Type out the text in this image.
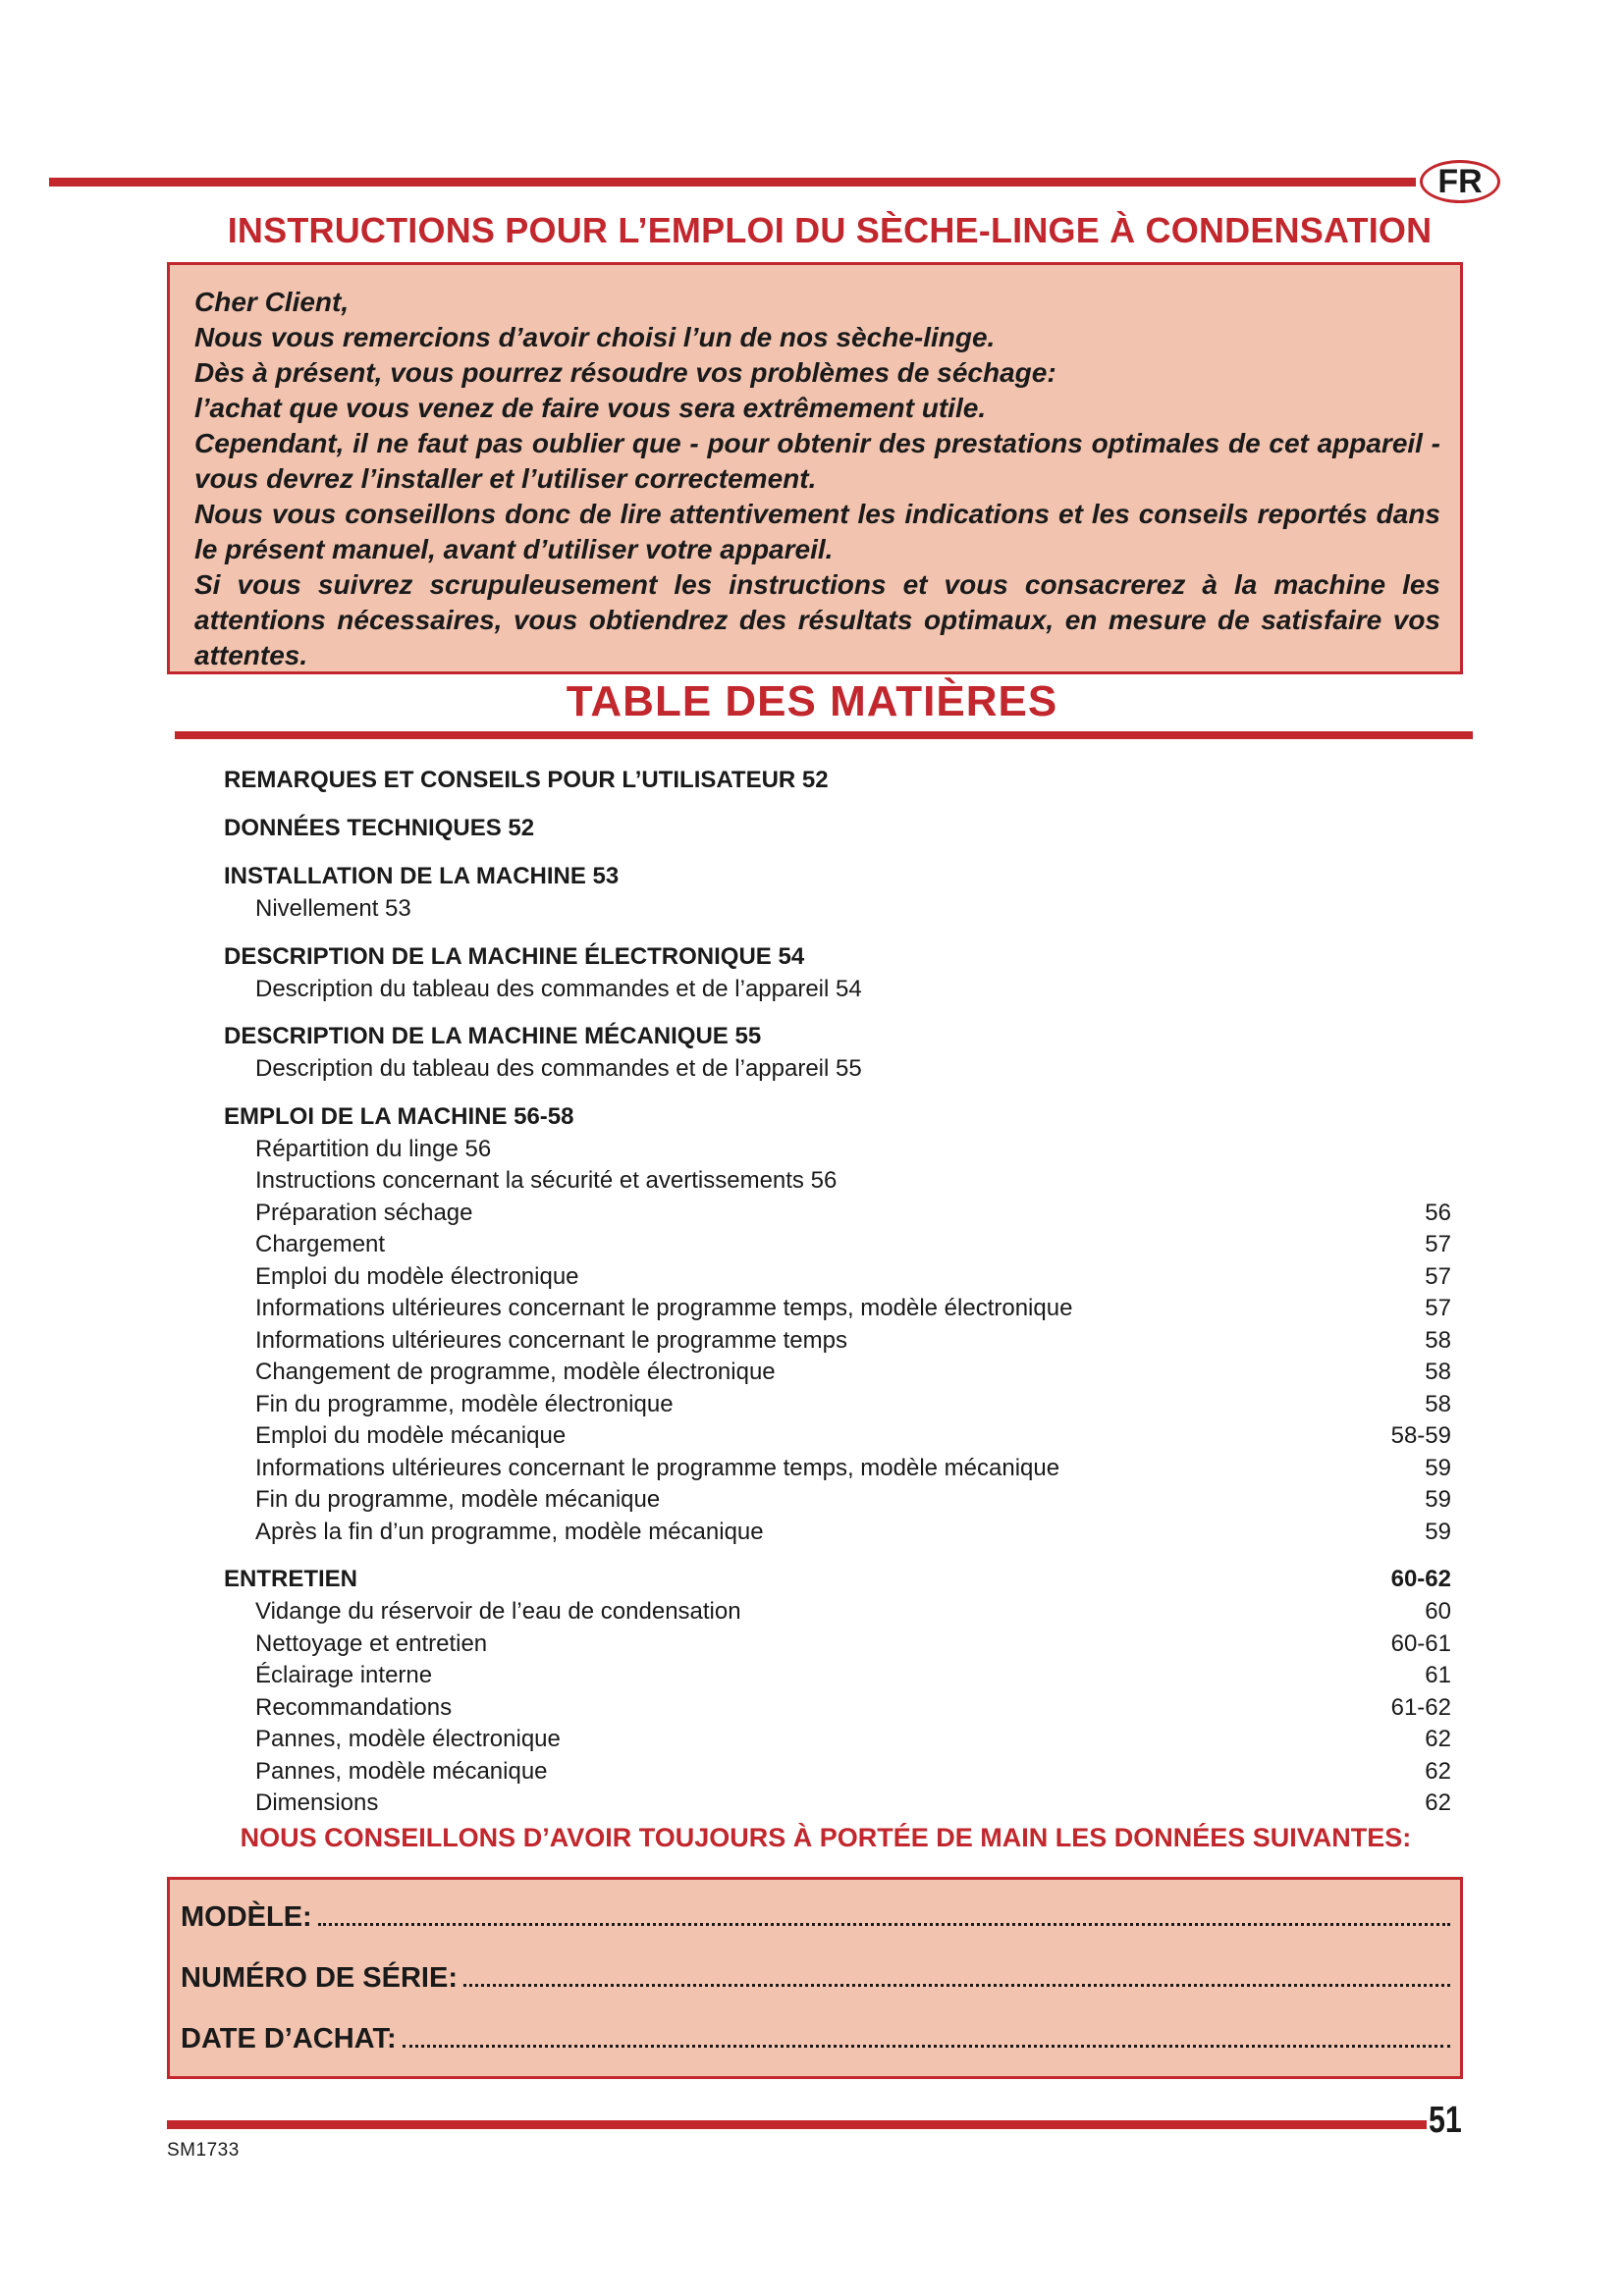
FR
INSTRUCTIONS POUR L’EMPLOI DU SÈCHE-LINGE À CONDENSATION

Cher Client,
Nous vous remercions d’avoir choisi l’un de nos sèche-linge.
Dès à présent, vous pourrez résoudre vos problèmes de séchage:
l’achat que vous venez de faire vous sera extrêmement utile.
Cependant, il ne faut pas oublier que - pour obtenir des prestations optimales de cet appareil - vous devrez l’installer et l’utiliser correctement.
Nous vous conseillons donc de lire attentivement les indications et les conseils reportés dans le présent manuel, avant d’utiliser votre appareil.
Si vous suivrez scrupuleusement les instructions et vous consacrerez à la machine les attentions nécessaires, vous obtiendrez des résultats optimaux, en mesure de satisfaire vos attentes.

TABLE DES MATIÈRES
REMARQUES ET CONSEILS POUR L’UTILISATEUR 52
DONNÉES TECHNIQUES 52
INSTALLATION DE LA MACHINE 53
Nivellement 53
DESCRIPTION DE LA MACHINE ÉLECTRONIQUE 54
Description du tableau des commandes et de l’appareil 54
DESCRIPTION DE LA MACHINE MÉCANIQUE 55
Description du tableau des commandes et de l’appareil 55
EMPLOI DE LA MACHINE 56-58
Répartition du linge 56
Instructions concernant la sécurité et avertissements 56
Préparation séchage	56
Chargement	57
Emploi du modèle électronique	57
Informations ultérieures concernant le programme temps, modèle électronique	57
Informations ultérieures concernant le programme temps	58
Changement de programme, modèle électronique	58
Fin du programme, modèle électronique	58
Emploi du modèle mécanique	58-59
Informations ultérieures concernant le programme temps, modèle mécanique	59
Fin du programme, modèle mécanique	59
Après la fin d’un programme, modèle mécanique	59
ENTRETIEN	60-62
Vidange du réservoir de l’eau de condensation	60
Nettoyage et entretien	60-61
Éclairage interne	61
Recommandations	61-62
Pannes, modèle électronique	62
Pannes, modèle mécanique	62
Dimensions	62
NOUS CONSEILLONS D’AVOIR TOUJOURS À PORTÉE DE MAIN LES DONNÉES SUIVANTES:
MODÈLE:
NUMÉRO DE SÉRIE:
DATE D’ACHAT:
51
SM1733
